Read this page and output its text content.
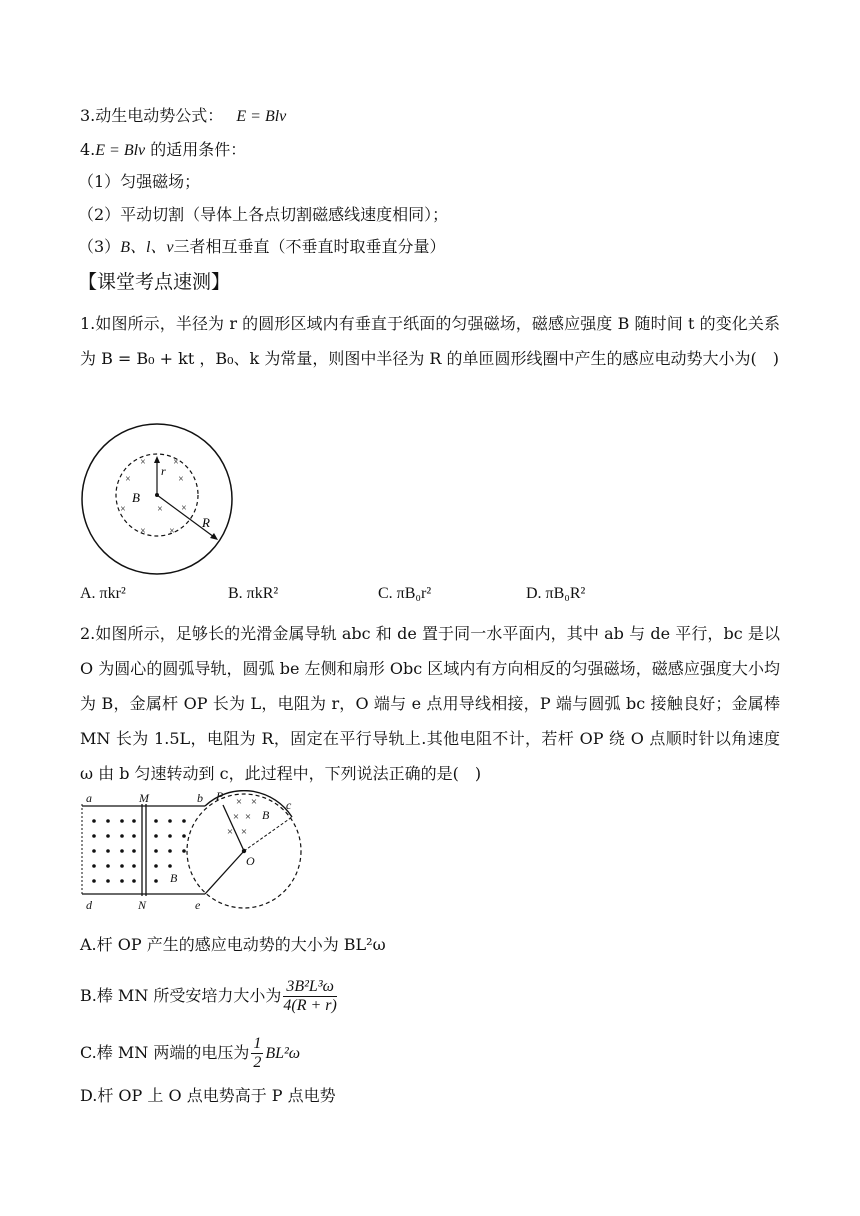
3.动生电动势公式： E = Blv
4.E = Blv 的适用条件：
（1）匀强磁场；
（2）平动切割（导体上各点切割磁感线速度相同）；
（3）B、l、v三者相互垂直（不垂直时取垂直分量）
【课堂考点速测】
1.如图所示，半径为 r 的圆形区域内有垂直于纸面的匀强磁场，磁感应强度 B 随时间 t 的变化关系为 B = B₀ + kt ，B₀、k 为常量，则图中半径为 R 的单匝圆形线圈中产生的感应电动势大小为(　)
×	×
×	×
×	×
× ×
×
r
B
R
A. πkr²	B. πkR²	C. πB₀r²	D. πB₀R²
2.如图所示，足够长的光滑金属导轨 abc 和 de 置于同一水平面内，其中 ab 与 de 平行，bc 是以 O 为圆心的圆弧导轨，圆弧 be 左侧和扇形 Obc 区域内有方向相反的匀强磁场，磁感应强度大小均为 B，金属杆 OP 长为 L，电阻为 r，O 端与 e 点用导线相接，P 端与圆弧 bc 接触良好；金属棒 MN 长为 1.5L，电阻为 R，固定在平行导轨上.其他电阻不计，若杆 OP 绕 O 点顺时针以角速度 ω 由 b 匀速转动到 c，此过程中，下列说法正确的是(　)
× ×
× ×
× ×
a	M	b P
c
B
O
B
d	N	e
A.杆 OP 产生的感应电动势的大小为 BL²ω
B.棒 MN 所受安培力大小为 $\frac{\text{3B²L³ω}}{4(R + r)}$
C.棒 MN 两端的电压为 $\frac{1}{2} BL^2\omega$
D.杆 OP 上 O 点电势高于 P 点电势
